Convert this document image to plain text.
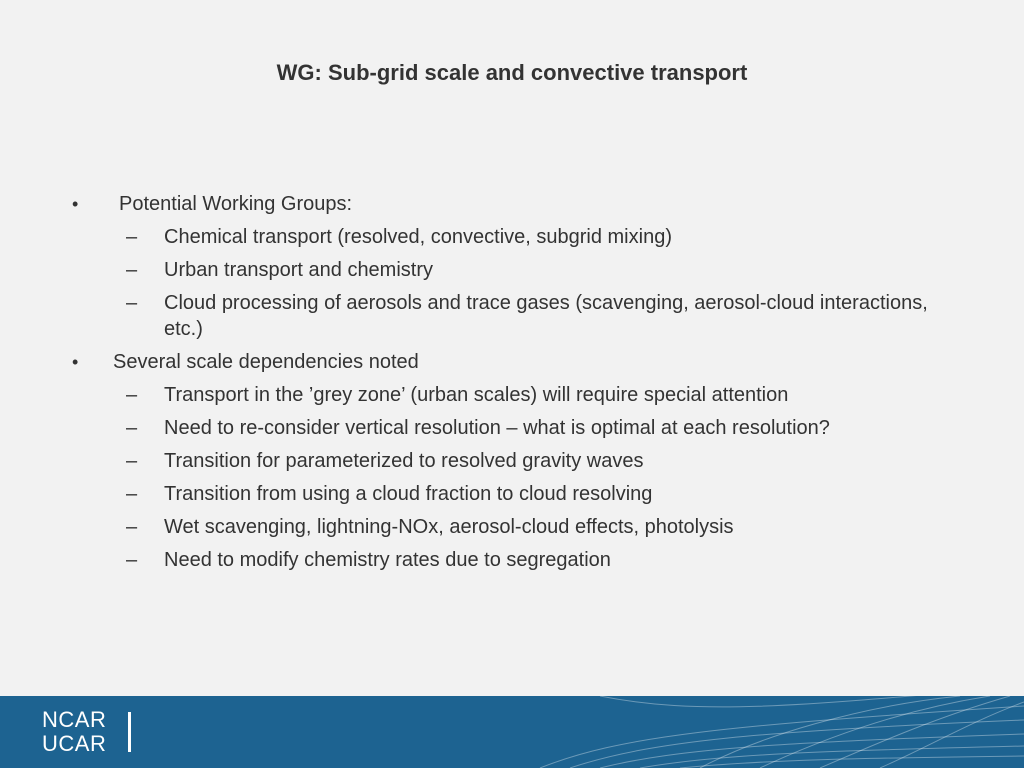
WG: Sub-grid scale and convective transport
• Potential Working Groups:
– Chemical transport (resolved, convective, subgrid mixing)
– Urban transport and chemistry
– Cloud processing of aerosols and trace gases (scavenging, aerosol-cloud interactions, etc.)
• Several scale dependencies noted
– Transport in the ’grey zone’ (urban scales) will require special attention
– Need to re-consider vertical resolution – what is optimal at each resolution?
– Transition for parameterized to resolved gravity waves
– Transition from using a cloud fraction to cloud resolving
– Wet scavenging, lightning-NOx, aerosol-cloud effects, photolysis
– Need to modify chemistry rates due to segregation
NCAR
UCAR
